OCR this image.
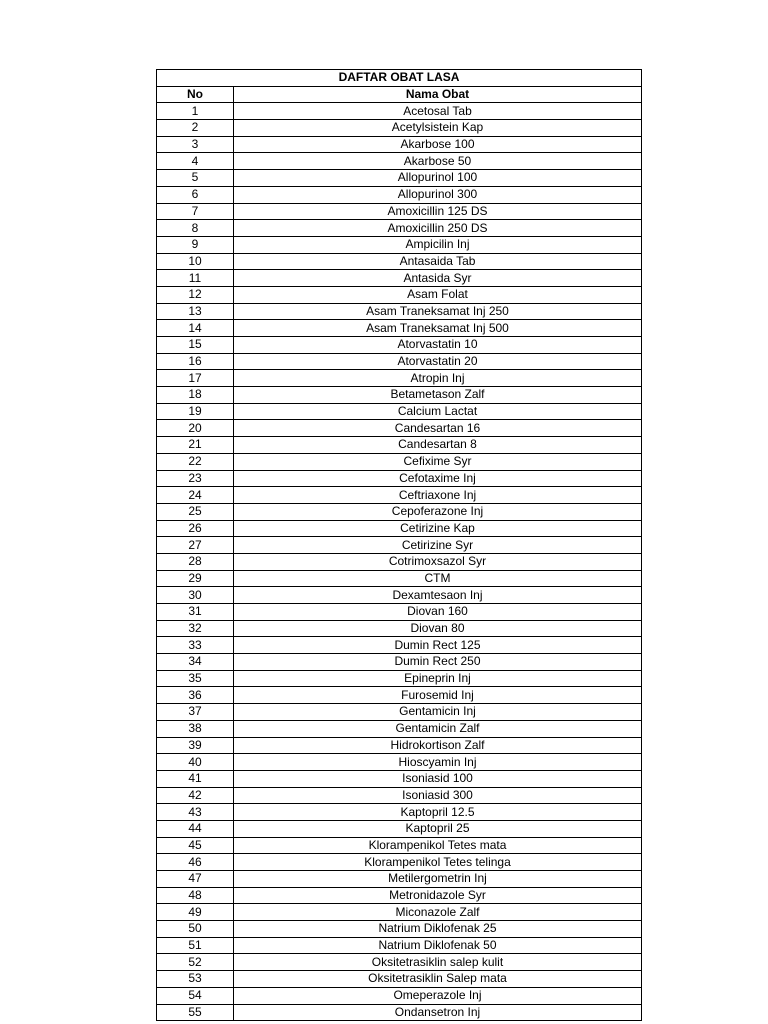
DAFTAR OBAT LASA	
No	Nama Obat
1	Acetosal Tab
2	Acetylsistein Kap
3	Akarbose 100
4	Akarbose 50
5	Allopurinol 100
6	Allopurinol 300
7	Amoxicillin 125 DS
8	Amoxicillin 250 DS
9	Ampicilin Inj
10	Antasaida Tab
11	Antasida Syr
12	Asam Folat
13	Asam Traneksamat Inj 250
14	Asam Traneksamat Inj 500
15	Atorvastatin 10
16	Atorvastatin 20
17	Atropin Inj
18	Betametason Zalf
19	Calcium Lactat
20	Candesartan 16
21	Candesartan 8
22	Cefixime Syr
23	Cefotaxime Inj
24	Ceftriaxone Inj
25	Cepoferazone Inj
26	Cetirizine Kap
27	Cetirizine Syr
28	Cotrimoxsazol Syr
29	CTM
30	Dexamtesaon Inj
31	Diovan 160
32	Diovan 80
33	Dumin Rect 125
34	Dumin Rect 250
35	Epineprin Inj
36	Furosemid Inj
37	Gentamicin Inj
38	Gentamicin Zalf
39	Hidrokortison Zalf
40	Hioscyamin Inj
41	Isoniasid 100
42	Isoniasid 300
43	Kaptopril 12.5
44	Kaptopril 25
45	Klorampenikol Tetes mata
46	Klorampenikol Tetes telinga
47	Metilergometrin Inj
48	Metronidazole Syr
49	Miconazole Zalf
50	Natrium Diklofenak 25
51	Natrium Diklofenak 50
52	Oksitetrasiklin salep kulit
53	Oksitetrasiklin Salep mata
54	Omeperazole Inj
55	Ondansetron Inj
